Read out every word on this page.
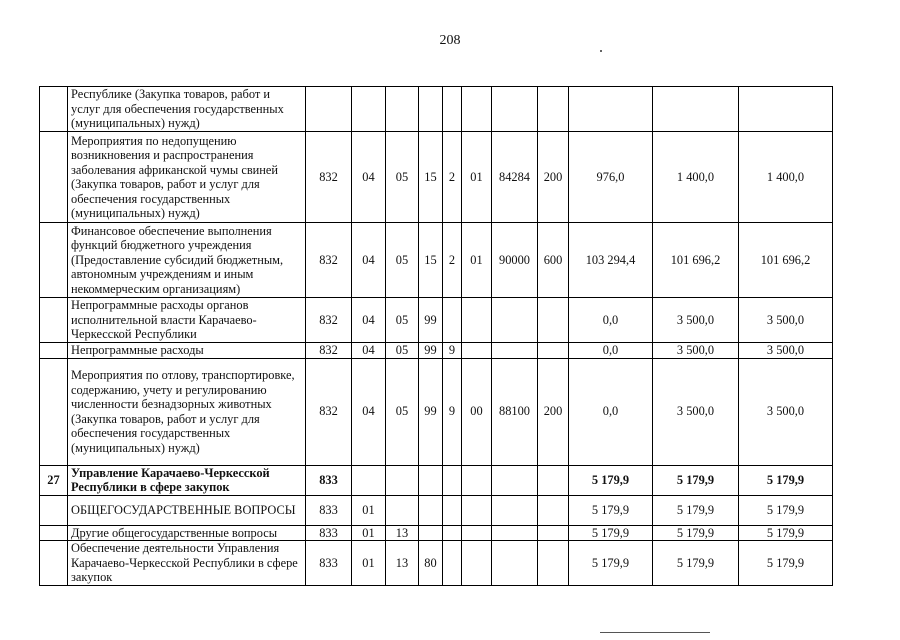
208
	Республике (Закупка товаров, работ и услуг для обеспечения государственных (муниципальных) нужд)											
	Мероприятия по недопущению возникновения и распространения заболевания африканской чумы свиней (Закупка товаров, работ и услуг для обеспечения государственных (муниципальных) нужд)	832	04	05	15	2	01	84284	200	976,0	1 400,0	1 400,0
	Финансовое обеспечение выполнения функций бюджетного учреждения (Предоставление субсидий бюджетным, автономным учреждениям и иным некоммерческим организациям)	832	04	05	15	2	01	90000	600	103 294,4	101 696,2	101 696,2
	Непрограммные расходы органов исполнительной власти Карачаево-Черкесской Республики	832	04	05	99					0,0	3 500,0	3 500,0
	Непрограммные расходы	832	04	05	99	9				0,0	3 500,0	3 500,0
	Мероприятия по отлову, транспортировке, содержанию, учету и регулированию численности безнадзорных животных (Закупка товаров, работ и услуг для обеспечения государственных (муниципальных) нужд)	832	04	05	99	9	00	88100	200	0,0	3 500,0	3 500,0
27	Управление Карачаево-Черкесской Республики в сфере закупок	833								5 179,9	5 179,9	5 179,9
	ОБЩЕГОСУДАРСТВЕННЫЕ ВОПРОСЫ	833	01							5 179,9	5 179,9	5 179,9
	Другие общегосударственные вопросы	833	01	13						5 179,9	5 179,9	5 179,9
	Обеспечение деятельности Управления Карачаево-Черкесской Республики в сфере закупок	833	01	13	80					5 179,9	5 179,9	5 179,9
